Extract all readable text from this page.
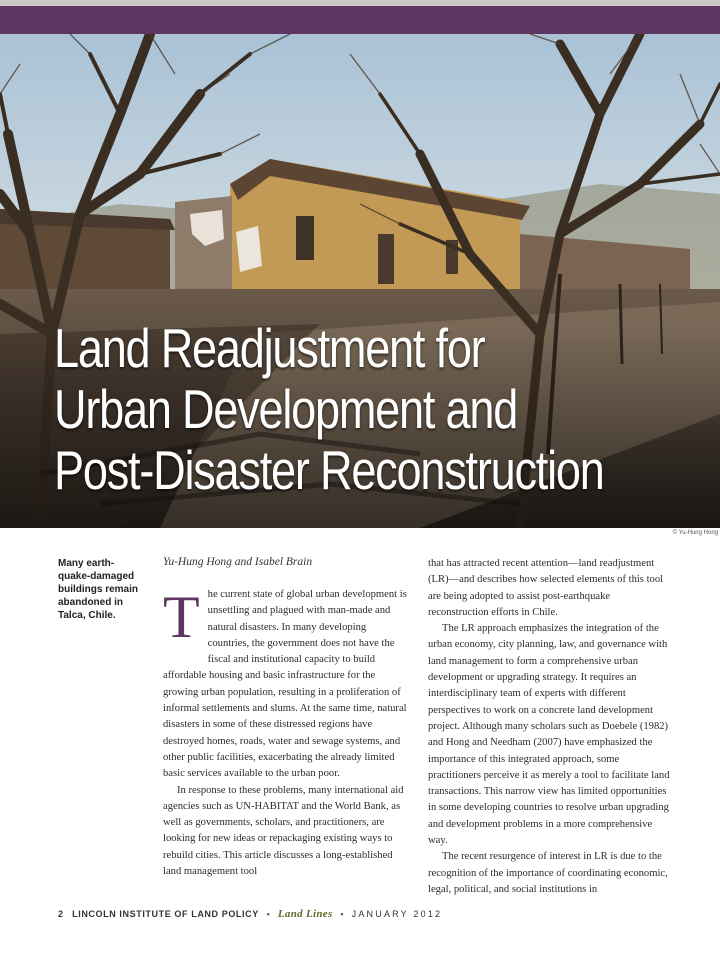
Land Readjustment for
Urban Development and
Post-Disaster Reconstruction
© Yu-Hung Hong
Many earth-
quake-damaged
buildings remain
abandoned in
Talca, Chile.
Yu-Hung Hong and Isabel Brain

The current state of global urban development is unsettling and plagued with man-made and natural disasters. In many developing countries, the government does not have the fiscal and institutional capacity to build affordable housing and basic infrastructure for the growing urban population, resulting in a proliferation of informal settlements and slums. At the same time, natural disasters in some of these distressed regions have destroyed homes, roads, water and sewage systems, and other public facilities, exacerbating the already limited basic services available to the urban poor.

In response to these problems, many international aid agencies such as UN-HABITAT and the World Bank, as well as governments, scholars, and practitioners, are looking for new ideas or repackaging existing ways to rebuild cities. This article discusses a long-established land management tool

that has attracted recent attention—land readjustment (LR)—and describes how selected elements of this tool are being adopted to assist post-earthquake reconstruction efforts in Chile.

The LR approach emphasizes the integration of the urban economy, city planning, law, and governance with land management to form a comprehensive urban development or upgrading strategy. It requires an interdisciplinary team of experts with different perspectives to work on a concrete land development project. Although many scholars such as Doebele (1982) and Hong and Needham (2007) have emphasized the importance of this integrated approach, some practitioners perceive it as merely a tool to facilitate land transactions. This narrow view has limited opportunities in some developing countries to resolve urban upgrading and development problems in a more comprehensive way.

The recent resurgence of interest in LR is due to the recognition of the importance of coordinating economic, legal, political, and social institutions in

2 LINCOLN INSTITUTE OF LAND POLICY • Land Lines • JANUARY 2012
